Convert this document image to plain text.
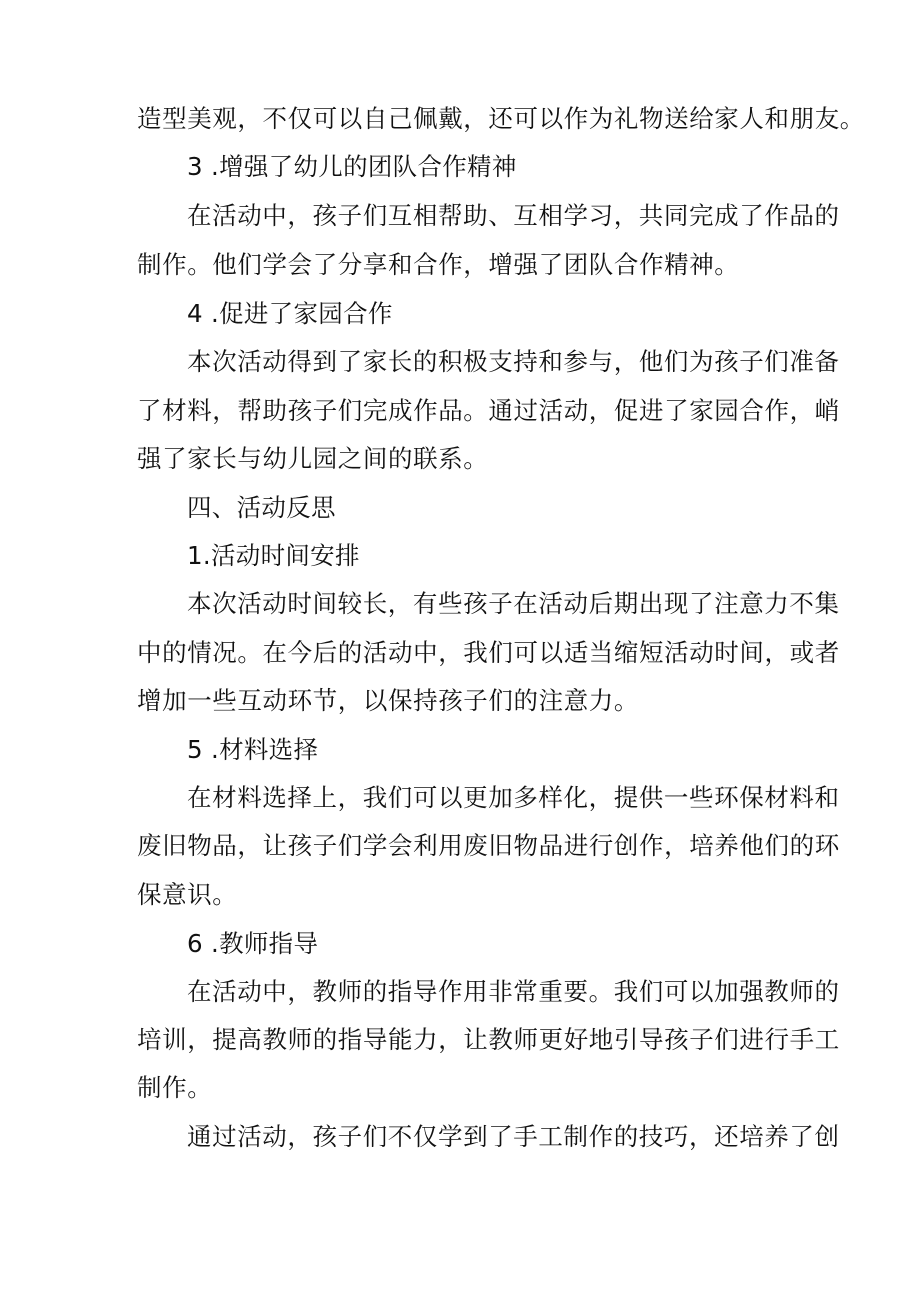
造型美观，不仅可以自己佩戴，还可以作为礼物送给家人和朋友。
3 .增强了幼儿的团队合作精神
在活动中，孩子们互相帮助、互相学习，共同完成了作品的
制作。他们学会了分享和合作，增强了团队合作精神。
4 .促进了家园合作
本次活动得到了家长的积极支持和参与，他们为孩子们准备
了材料，帮助孩子们完成作品。通过活动，促进了家园合作，峭
强了家长与幼儿园之间的联系。
四、活动反思
1.活动时间安排
本次活动时间较长，有些孩子在活动后期出现了注意力不集
中的情况。在今后的活动中，我们可以适当缩短活动时间，或者
增加一些互动环节，以保持孩子们的注意力。
5 .材料选择
在材料选择上，我们可以更加多样化，提供一些环保材料和
废旧物品，让孩子们学会利用废旧物品进行创作，培养他们的环
保意识。
6 .教师指导
在活动中，教师的指导作用非常重要。我们可以加强教师的
培训，提高教师的指导能力，让教师更好地引导孩子们进行手工
制作。
通过活动，孩子们不仅学到了手工制作的技巧，还培养了创
